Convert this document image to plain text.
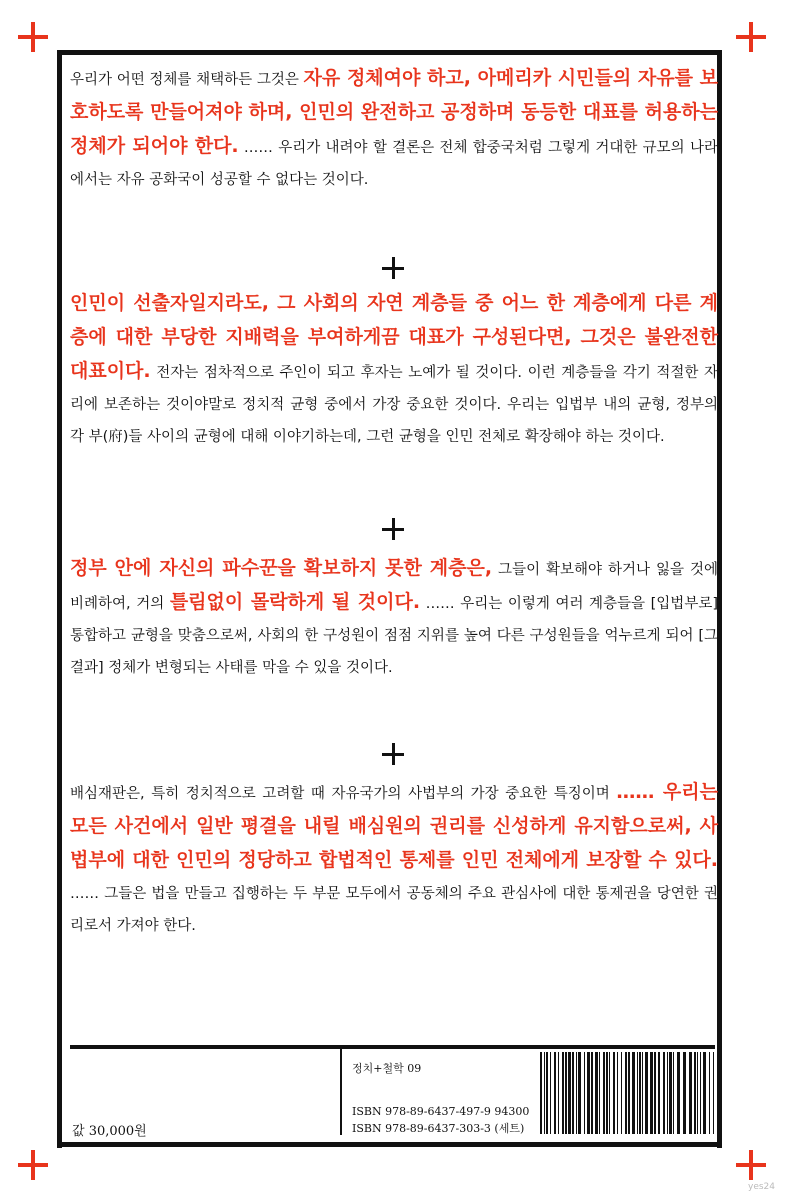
우리가 어떤 정체를 채택하든 그것은 자유 정체여야 하고, 아메리카 시민들의 자유를 보호하도록 만들어져야 하며, 인민의 완전하고 공정하며 동등한 대표를 허용하는 정체가 되어야 한다. …… 우리가 내려야 할 결론은 전체 합중국처럼 그렇게 거대한 규모의 나라에서는 자유 공화국이 성공할 수 없다는 것이다.

인민이 선출자일지라도, 그 사회의 자연 계층들 중 어느 한 계층에게 다른 계층에 대한 부당한 지배력을 부여하게끔 대표가 구성된다면, 그것은 불완전한 대표이다. 전자는 점차적으로 주인이 되고 후자는 노예가 될 것이다. 이런 계층들을 각기 적절한 자리에 보존하는 것이야말로 정치적 균형 중에서 가장 중요한 것이다. 우리는 입법부 내의 균형, 정부의 각 부(府)들 사이의 균형에 대해 이야기하는데, 그런 균형을 인민 전체로 확장해야 하는 것이다.

정부 안에 자신의 파수꾼을 확보하지 못한 계층은, 그들이 확보해야 하거나 잃을 것에 비례하여, 거의 틀림없이 몰락하게 될 것이다. …… 우리는 이렇게 여러 계층들을 [입법부로] 통합하고 균형을 맞춤으로써, 사회의 한 구성원이 점점 지위를 높여 다른 구성원들을 억누르게 되어 [그 결과] 정체가 변형되는 사태를 막을 수 있을 것이다.

배심재판은, 특히 정치적으로 고려할 때 자유국가의 사법부의 가장 중요한 특징이며 …… 우리는 모든 사건에서 일반 평결을 내릴 배심원의 권리를 신성하게 유지함으로써, 사법부에 대한 인민의 정당하고 합법적인 통제를 인민 전체에게 보장할 수 있다. …… 그들은 법을 만들고 집행하는 두 부문 모두에서 공동체의 주요 관심사에 대한 통제권을 당연한 권리로서 가져야 한다.

정치+철학 09
ISBN 978-89-6437-497-9 94300
ISBN 978-89-6437-303-3 (세트)
값 30,000원
yes24
